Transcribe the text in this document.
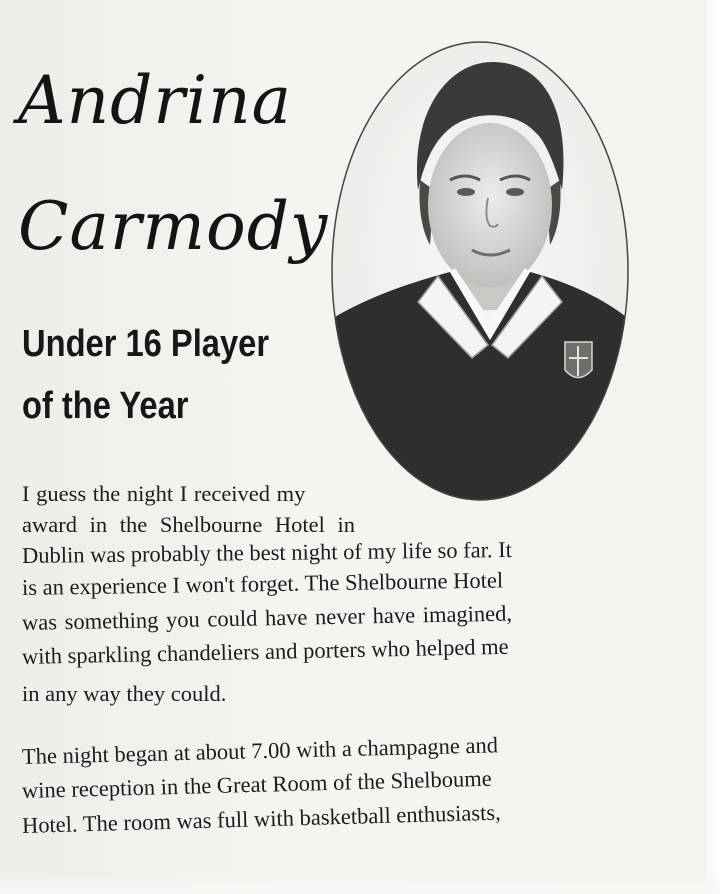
Andrina
Carmody
Under 16 Player
of the Year
I guess the night I received my
award in the Shelbourne Hotel in
Dublin was probably the best night of my life so far. It
is an experience I won't forget. The Shelbourne Hotel
was something you could have never have imagined,
with sparkling chandeliers and porters who helped me
in any way they could.
The night began at about 7.00 with a champagne and
wine reception in the Great Room of the Shelboume
Hotel. The room was full with basketball enthusiasts,
